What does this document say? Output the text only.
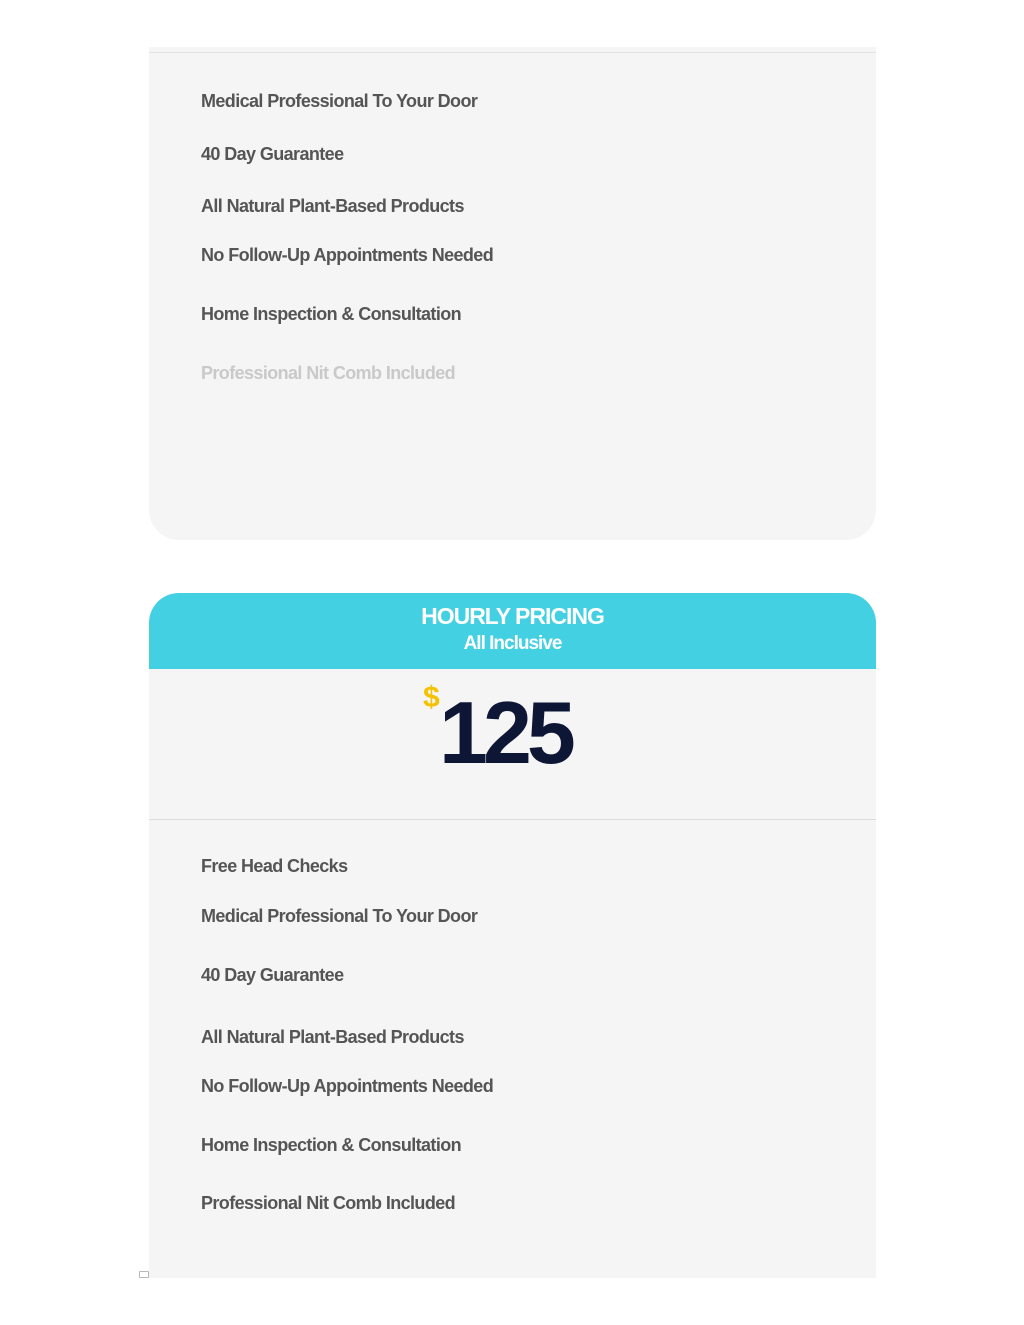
Medical Professional To Your Door

40 Day Guarantee

All Natural Plant-Based Products

No Follow-Up Appointments Needed

Home Inspection & Consultation

Professional Nit Comb Included

HOURLY PRICING
All Inclusive
$ 125

Free Head Checks

Medical Professional To Your Door

40 Day Guarantee

All Natural Plant-Based Products

No Follow-Up Appointments Needed

Home Inspection & Consultation

Professional Nit Comb Included
